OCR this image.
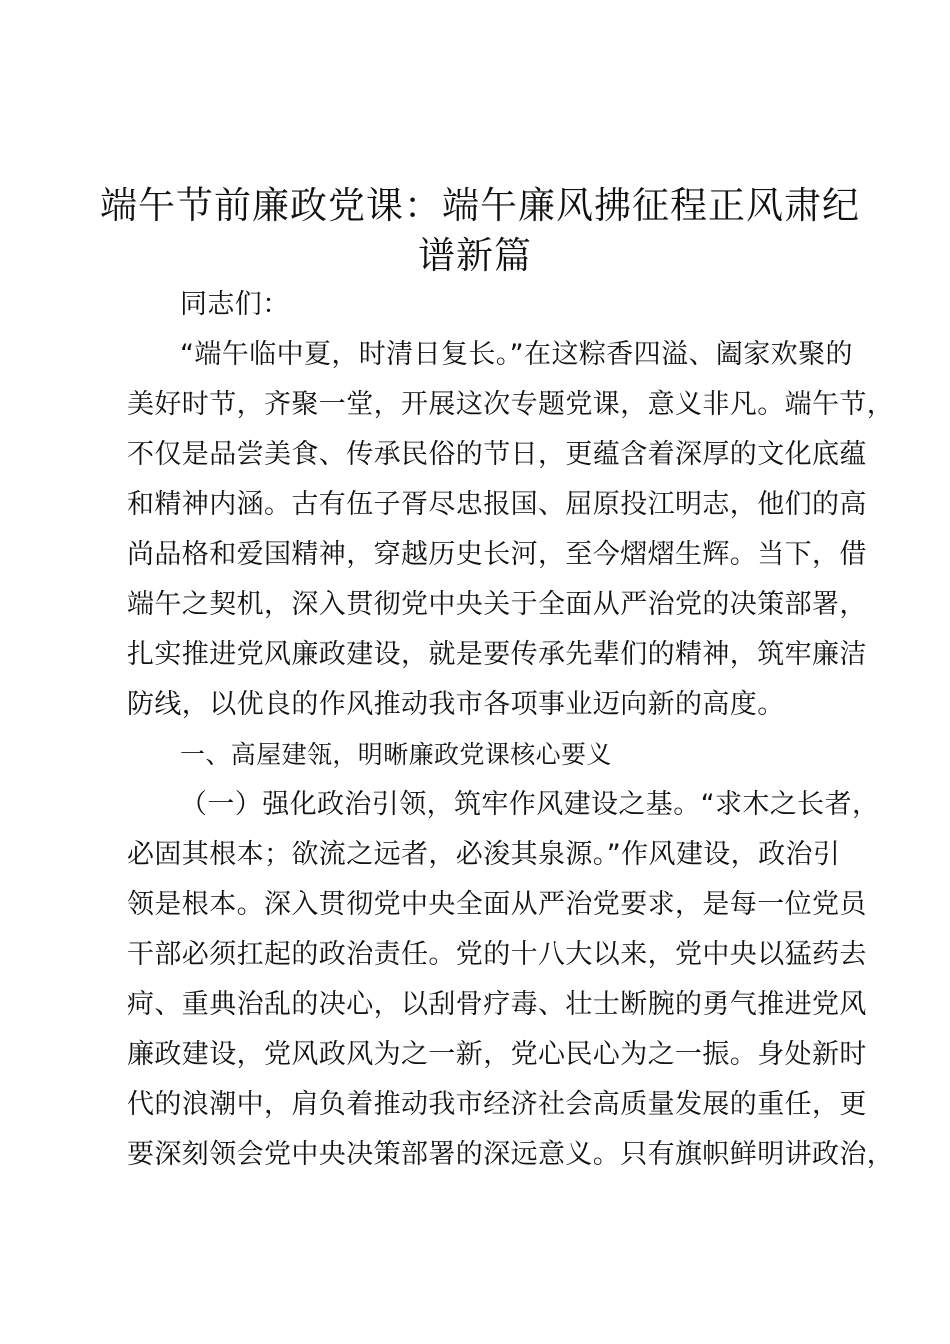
端午节前廉政党课：端午廉风拂征程正风肃纪
谱新篇
同志们：
“端午临中夏，时清日复长。”在这粽香四溢、阖家欢聚的
美好时节，齐聚一堂，开展这次专题党课，意义非凡。端午节，
不仅是品尝美食、传承民俗的节日，更蕴含着深厚的文化底蕴
和精神内涵。古有伍子胥尽忠报国、屈原投江明志，他们的高
尚品格和爱国精神，穿越历史长河，至今熠熠生辉。当下，借
端午之契机，深入贯彻党中央关于全面从严治党的决策部署，
扎实推进党风廉政建设，就是要传承先辈们的精神，筑牢廉洁
防线，以优良的作风推动我市各项事业迈向新的高度。
一、高屋建瓴，明晰廉政党课核心要义
（一）强化政治引领，筑牢作风建设之基。“求木之长者，
必固其根本；欲流之远者，必浚其泉源。”作风建设，政治引
领是根本。深入贯彻党中央全面从严治党要求，是每一位党员
干部必须扛起的政治责任。党的十八大以来，党中央以猛药去
疴、重典治乱的决心，以刮骨疗毒、壮士断腕的勇气推进党风
廉政建设，党风政风为之一新，党心民心为之一振。身处新时
代的浪潮中，肩负着推动我市经济社会高质量发展的重任，更
要深刻领会党中央决策部署的深远意义。只有旗帜鲜明讲政治，
